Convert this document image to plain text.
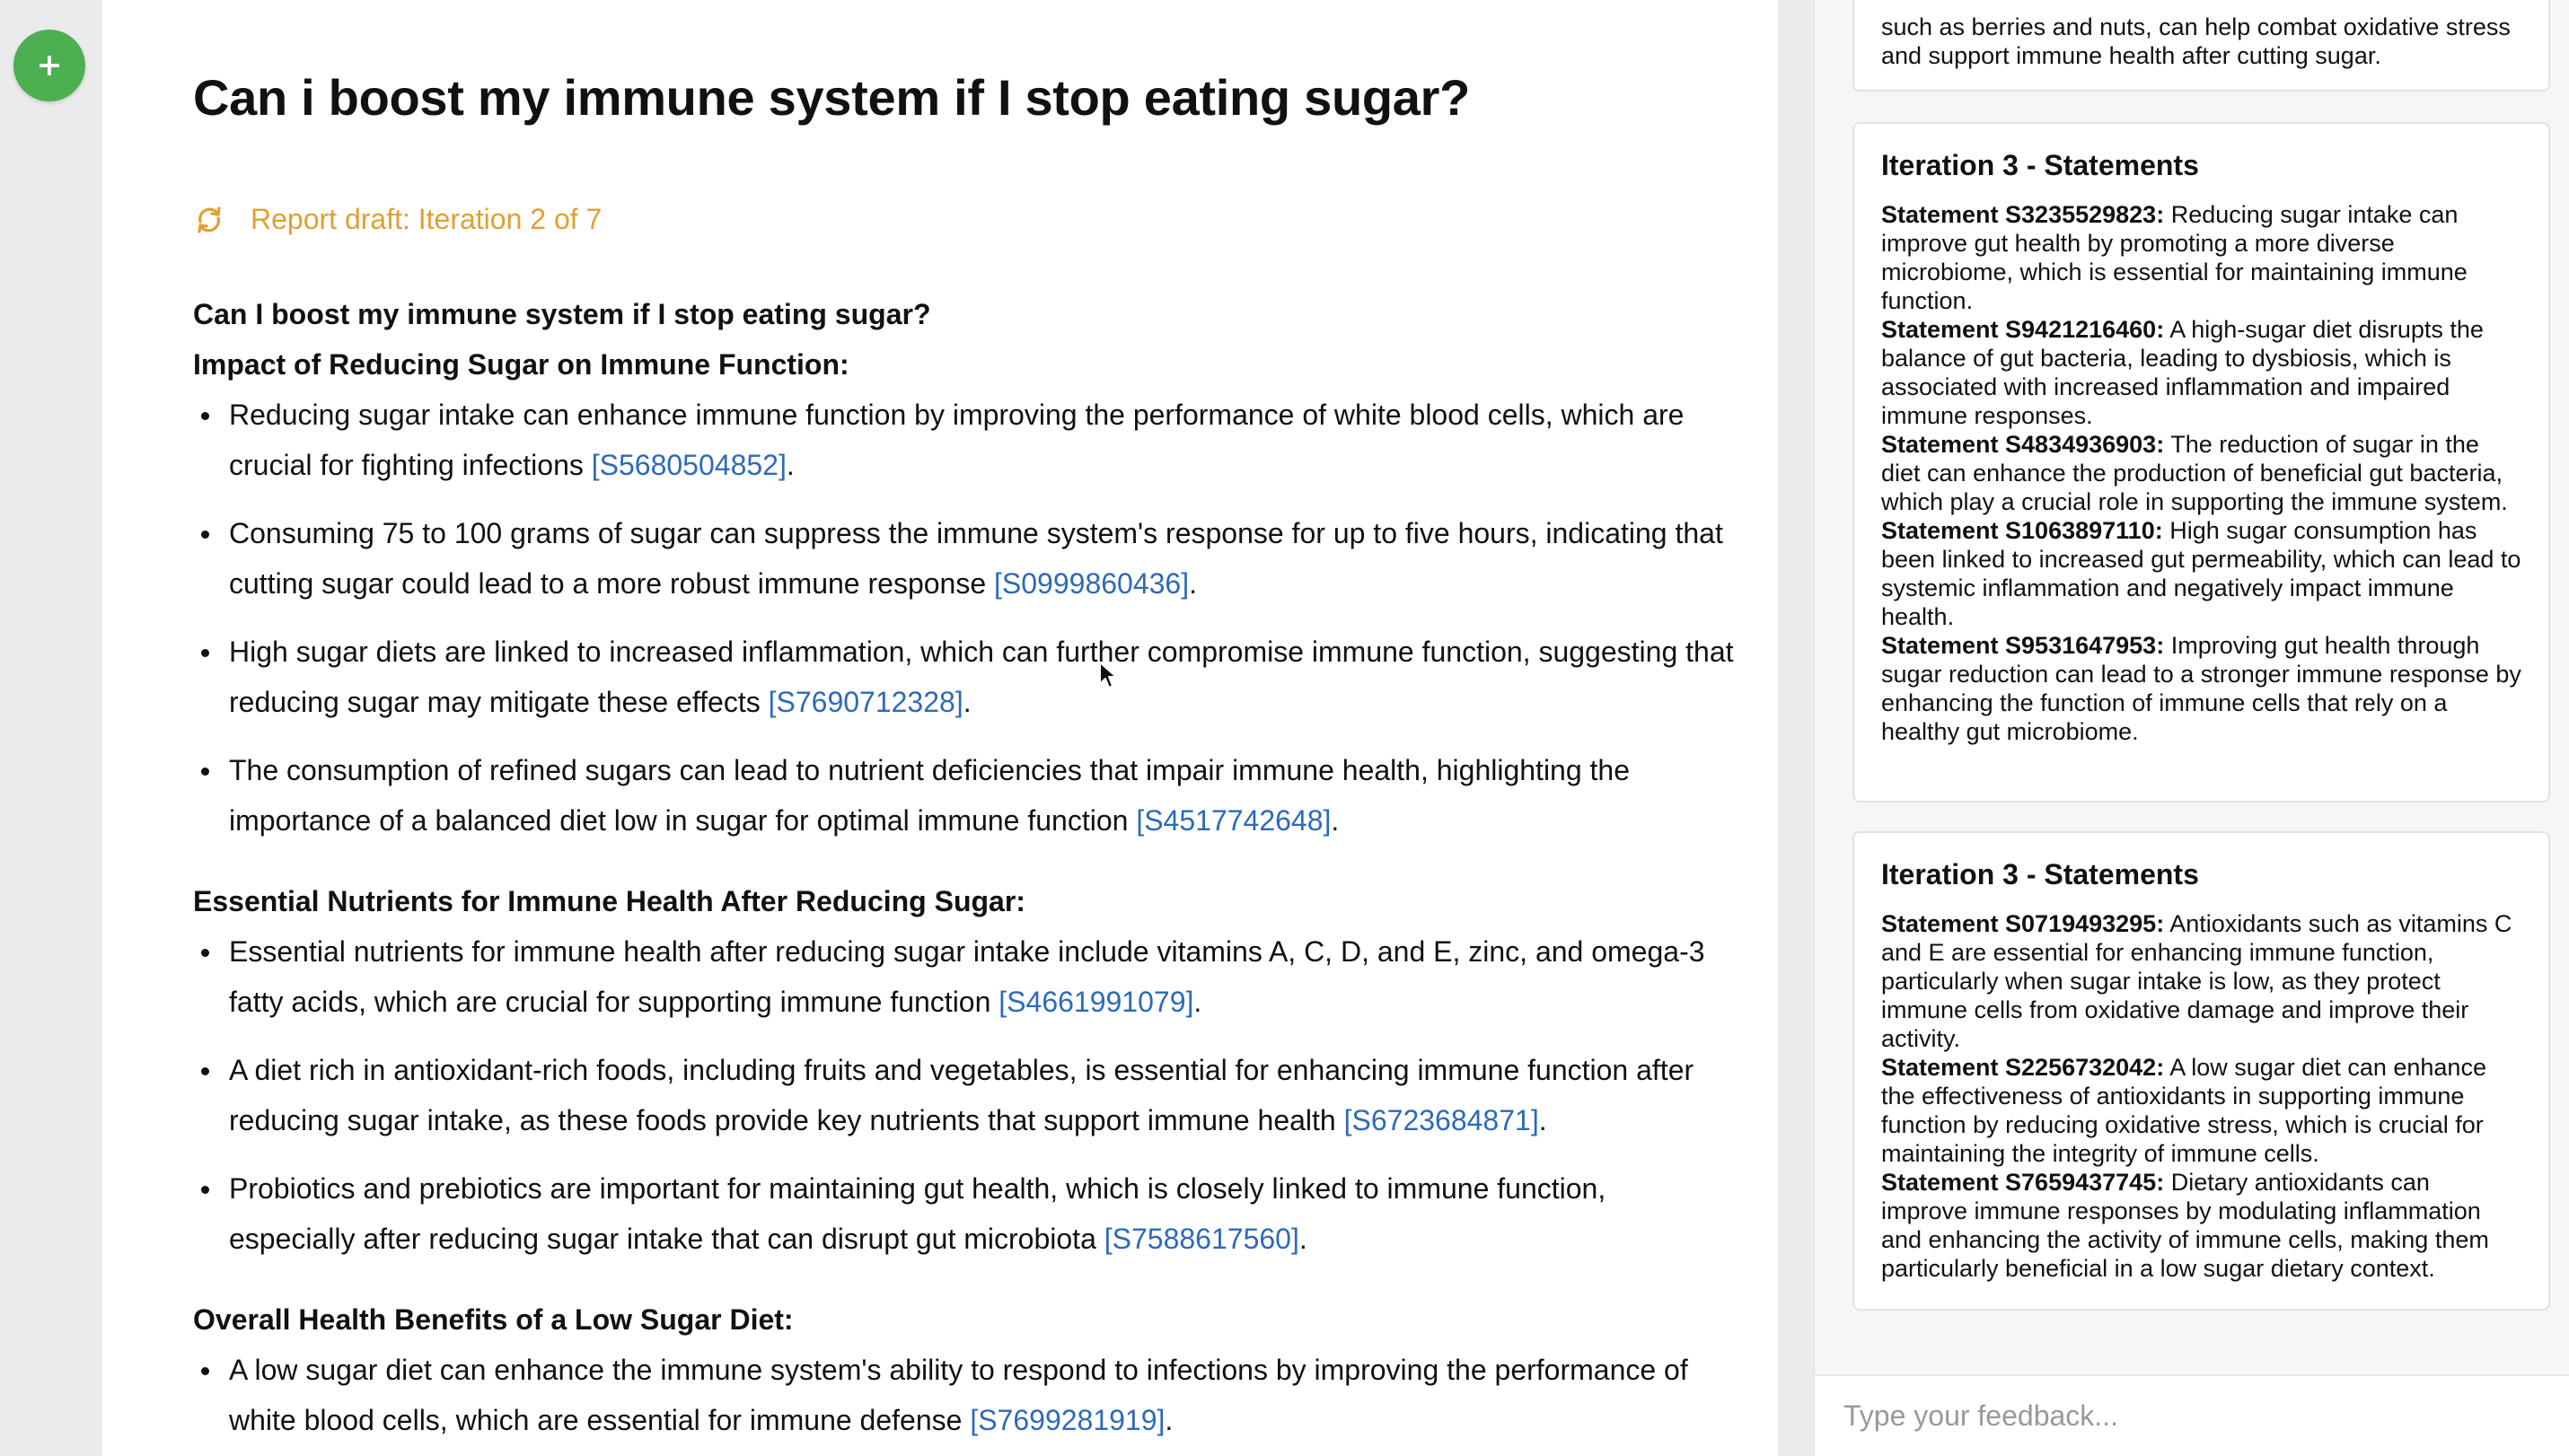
Can i boost my immune system if I stop eating sugar?
Report draft: Iteration 2 of 7
Can I boost my immune system if I stop eating sugar?
Impact of Reducing Sugar on Immune Function:
Reducing sugar intake can enhance immune function by improving the performance of white blood cells, which are crucial for fighting infections [S5680504852].
Consuming 75 to 100 grams of sugar can suppress the immune system's response for up to five hours, indicating that cutting sugar could lead to a more robust immune response [S0999860436].
High sugar diets are linked to increased inflammation, which can further compromise immune function, suggesting that reducing sugar may mitigate these effects [S7690712328].
The consumption of refined sugars can lead to nutrient deficiencies that impair immune health, highlighting the importance of a balanced diet low in sugar for optimal immune function [S4517742648].
Essential Nutrients for Immune Health After Reducing Sugar:
Essential nutrients for immune health after reducing sugar intake include vitamins A, C, D, and E, zinc, and omega-3 fatty acids, which are crucial for supporting immune function [S4661991079].
A diet rich in antioxidant-rich foods, including fruits and vegetables, is essential for enhancing immune function after reducing sugar intake, as these foods provide key nutrients that support immune health [S6723684871].
Probiotics and prebiotics are important for maintaining gut health, which is closely linked to immune function, especially after reducing sugar intake that can disrupt gut microbiota [S7588617560].
Overall Health Benefits of a Low Sugar Diet:
A low sugar diet can enhance the immune system's ability to respond to infections by improving the performance of white blood cells, which are essential for immune defense [S7699281919].
such as berries and nuts, can help combat oxidative stress and support immune health after cutting sugar.
Iteration 3 - Statements
Statement S3235529823: Reducing sugar intake can improve gut health by promoting a more diverse microbiome, which is essential for maintaining immune function.
Statement S9421216460: A high-sugar diet disrupts the balance of gut bacteria, leading to dysbiosis, which is associated with increased inflammation and impaired immune responses.
Statement S4834936903: The reduction of sugar in the diet can enhance the production of beneficial gut bacteria, which play a crucial role in supporting the immune system.
Statement S1063897110: High sugar consumption has been linked to increased gut permeability, which can lead to systemic inflammation and negatively impact immune health.
Statement S9531647953: Improving gut health through sugar reduction can lead to a stronger immune response by enhancing the function of immune cells that rely on a healthy gut microbiome.
Iteration 3 - Statements
Statement S0719493295: Antioxidants such as vitamins C and E are essential for enhancing immune function, particularly when sugar intake is low, as they protect immune cells from oxidative damage and improve their activity.
Statement S2256732042: A low sugar diet can enhance the effectiveness of antioxidants in supporting immune function by reducing oxidative stress, which is crucial for maintaining the integrity of immune cells.
Statement S7659437745: Dietary antioxidants can improve immune responses by modulating inflammation and enhancing the activity of immune cells, making them particularly beneficial in a low sugar dietary context.
Type your feedback...
